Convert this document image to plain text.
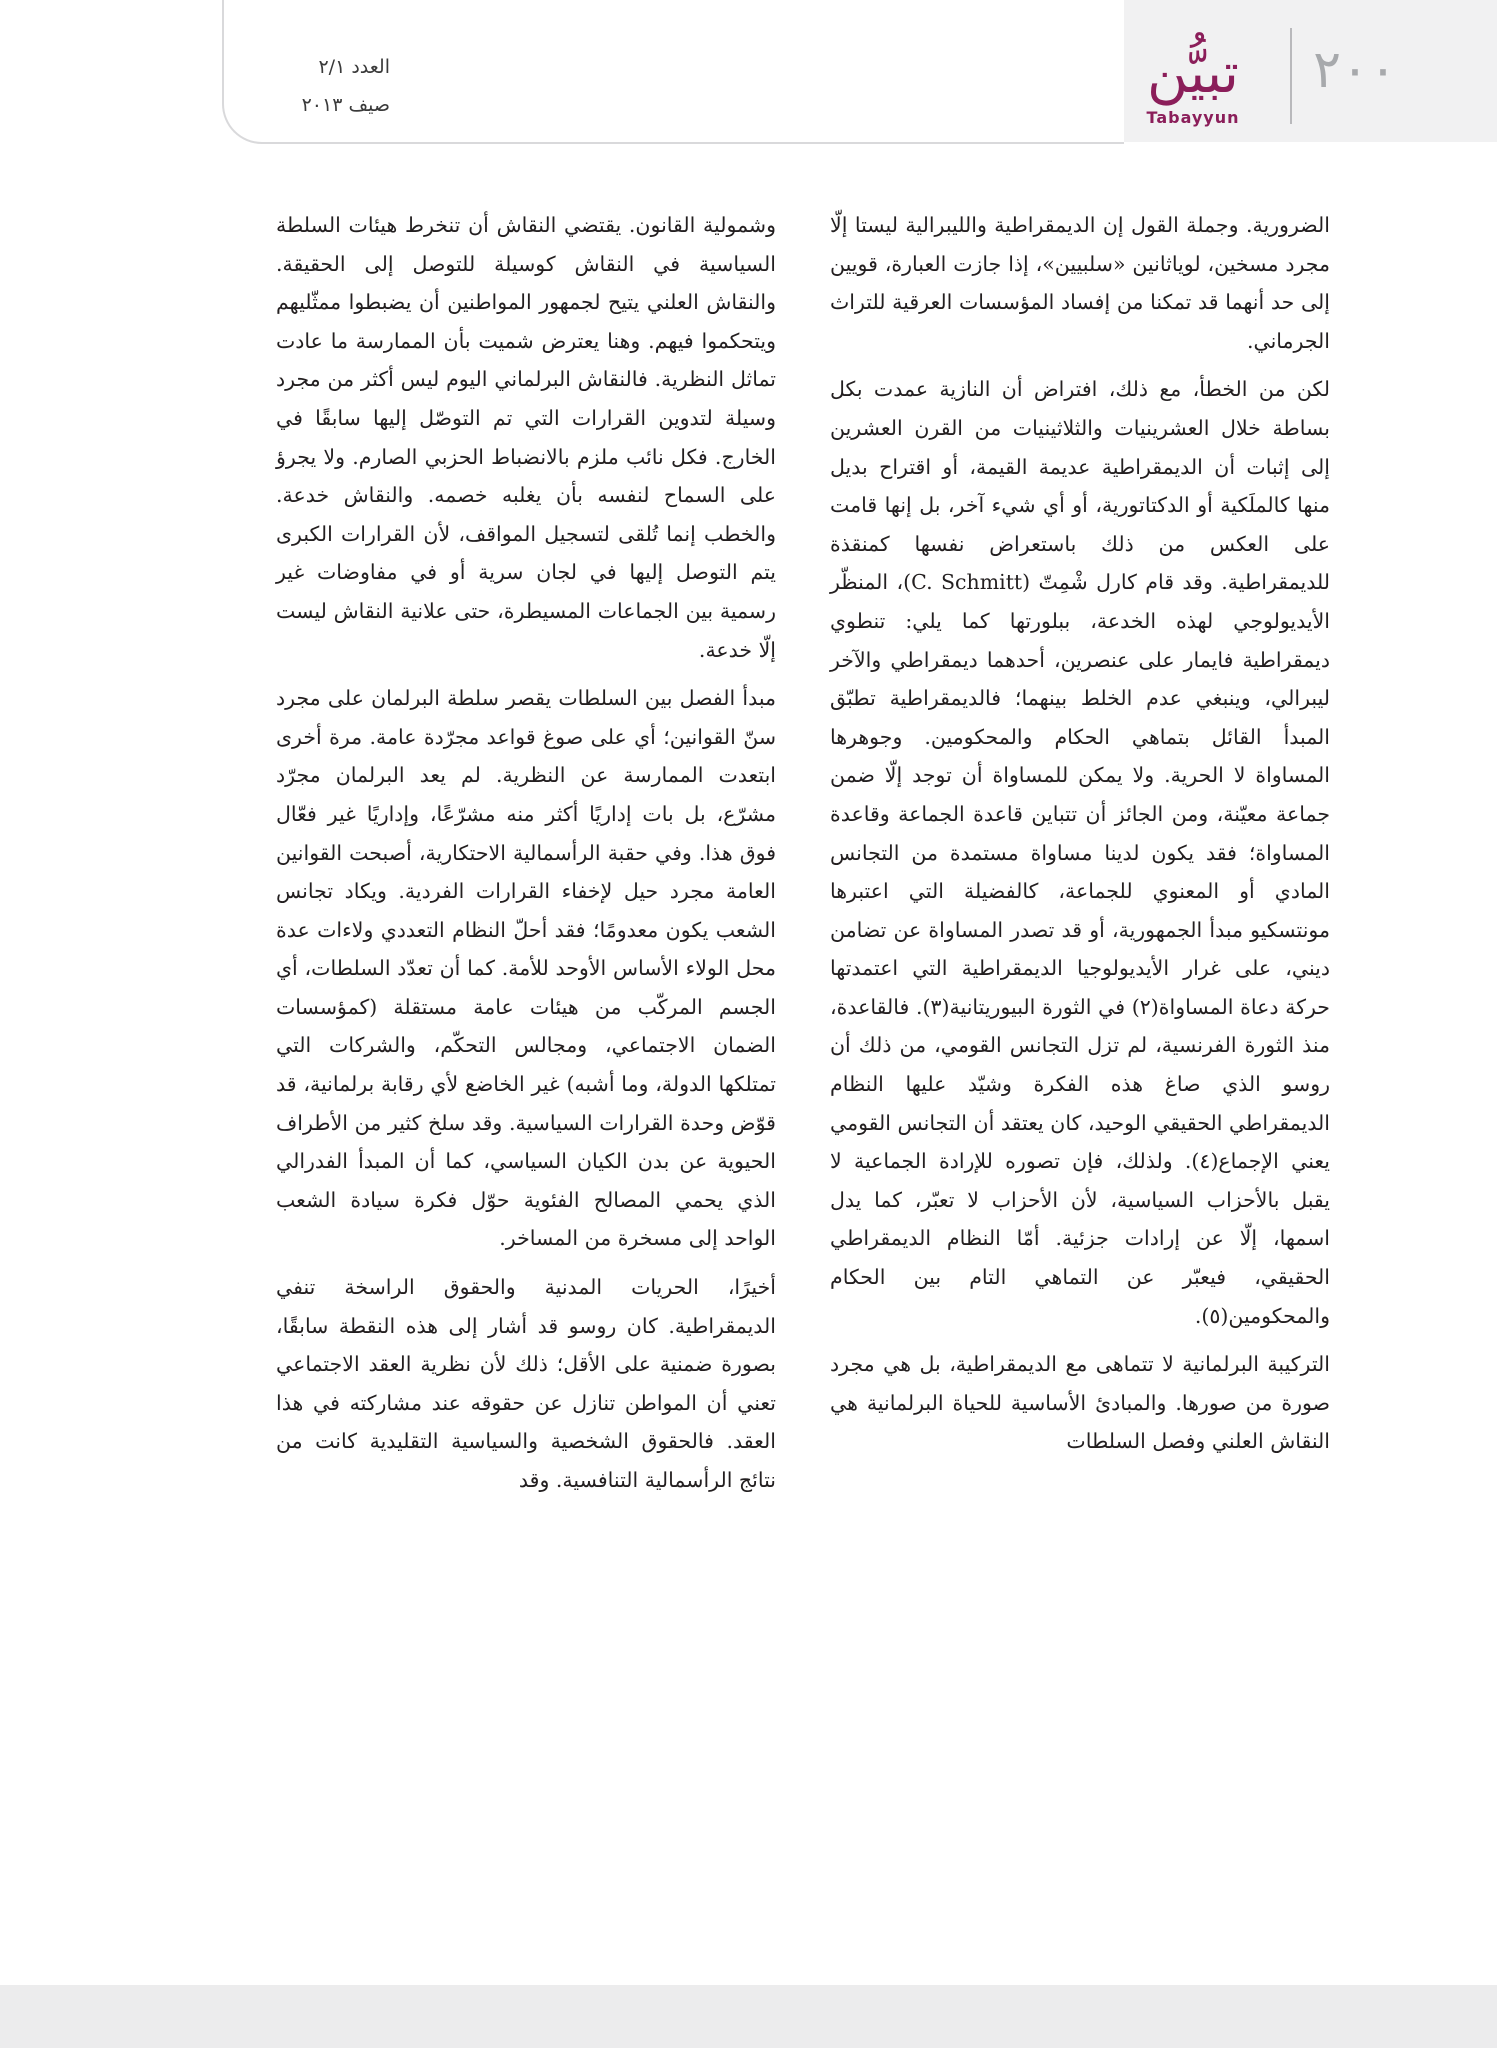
العدد ٢/١
صيف ٢٠١٣	تبيُّن
Tabayyun
٢٠٠

الضرورية. وجملة القول إن الديمقراطية والليبرالية ليستا إلّا مجرد مسخين، لوياثانين «سلبيين»، إذا جازت العبارة، قويين إلى حد أنهما قد تمكنا من إفساد المؤسسات العرقية للتراث الجرماني.

لكن من الخطأ، مع ذلك، افتراض أن النازية عمدت بكل بساطة خلال العشرينيات والثلاثينيات من القرن العشرين إلى إثبات أن الديمقراطية عديمة القيمة، أو اقتراح بديل منها كالملَكية أو الدكتاتورية، أو أي شيء آخر، بل إنها قامت على العكس من ذلك باستعراض نفسها كمنقذة للديمقراطية. وقد قام كارل شْمِتّ (C. Schmitt)، المنظّر الأيديولوجي لهذه الخدعة، ببلورتها كما يلي: تنطوي ديمقراطية فايمار على عنصرين، أحدهما ديمقراطي والآخر ليبرالي، وينبغي عدم الخلط بينهما؛ فالديمقراطية تطبّق المبدأ القائل بتماهي الحكام والمحكومين. وجوهرها المساواة لا الحرية. ولا يمكن للمساواة أن توجد إلّا ضمن جماعة معيّنة، ومن الجائز أن تتباين قاعدة الجماعة وقاعدة المساواة؛ فقد يكون لدينا مساواة مستمدة من التجانس المادي أو المعنوي للجماعة، كالفضيلة التي اعتبرها مونتسكيو مبدأ الجمهورية، أو قد تصدر المساواة عن تضامن ديني، على غرار الأيديولوجيا الديمقراطية التي اعتمدتها حركة دعاة المساواة(٢) في الثورة البيوريتانية(٣). فالقاعدة، منذ الثورة الفرنسية، لم تزل التجانس القومي، من ذلك أن روسو الذي صاغ هذه الفكرة وشيّد عليها النظام الديمقراطي الحقيقي الوحيد، كان يعتقد أن التجانس القومي يعني الإجماع(٤). ولذلك، فإن تصوره للإرادة الجماعية لا يقبل بالأحزاب السياسية، لأن الأحزاب لا تعبّر، كما يدل اسمها، إلّا عن إرادات جزئية. أمّا النظام الديمقراطي الحقيقي، فيعبّر عن التماهي التام بين الحكام والمحكومين(٥).

التركيبة البرلمانية لا تتماهى مع الديمقراطية، بل هي مجرد صورة من صورها. والمبادئ الأساسية للحياة البرلمانية هي النقاش العلني وفصل السلطات

وشمولية القانون. يقتضي النقاش أن تنخرط هيئات السلطة السياسية في النقاش كوسيلة للتوصل إلى الحقيقة. والنقاش العلني يتيح لجمهور المواطنين أن يضبطوا ممثّليهم ويتحكموا فيهم. وهنا يعترض شميت بأن الممارسة ما عادت تماثل النظرية. فالنقاش البرلماني اليوم ليس أكثر من مجرد وسيلة لتدوين القرارات التي تم التوصّل إليها سابقًا في الخارج. فكل نائب ملزم بالانضباط الحزبي الصارم. ولا يجرؤ على السماح لنفسه بأن يغلبه خصمه. والنقاش خدعة. والخطب إنما تُلقى لتسجيل المواقف، لأن القرارات الكبرى يتم التوصل إليها في لجان سرية أو في مفاوضات غير رسمية بين الجماعات المسيطرة، حتى علانية النقاش ليست إلّا خدعة.

مبدأ الفصل بين السلطات يقصر سلطة البرلمان على مجرد سنّ القوانين؛ أي على صوغ قواعد مجرّدة عامة. مرة أخرى ابتعدت الممارسة عن النظرية. لم يعد البرلمان مجرّد مشرّع، بل بات إداريًا أكثر منه مشرّعًا، وإداريًا غير فعّال فوق هذا. وفي حقبة الرأسمالية الاحتكارية، أصبحت القوانين العامة مجرد حيل لإخفاء القرارات الفردية. ويكاد تجانس الشعب يكون معدومًا؛ فقد أحلّ النظام التعددي ولاءات عدة محل الولاء الأساس الأوحد للأمة. كما أن تعدّد السلطات، أي الجسم المركّب من هيئات عامة مستقلة (كمؤسسات الضمان الاجتماعي، ومجالس التحكّم، والشركات التي تمتلكها الدولة، وما أشبه) غير الخاضع لأي رقابة برلمانية، قد قوّض وحدة القرارات السياسية. وقد سلخ كثير من الأطراف الحيوية عن بدن الكيان السياسي، كما أن المبدأ الفدرالي الذي يحمي المصالح الفئوية حوّل فكرة سيادة الشعب الواحد إلى مسخرة من المساخر.

أخيرًا، الحريات المدنية والحقوق الراسخة تنفي الديمقراطية. كان روسو قد أشار إلى هذه النقطة سابقًا، بصورة ضمنية على الأقل؛ ذلك لأن نظرية العقد الاجتماعي تعني أن المواطن تنازل عن حقوقه عند مشاركته في هذا العقد. فالحقوق الشخصية والسياسية التقليدية كانت من نتائج الرأسمالية التنافسية. وقد
